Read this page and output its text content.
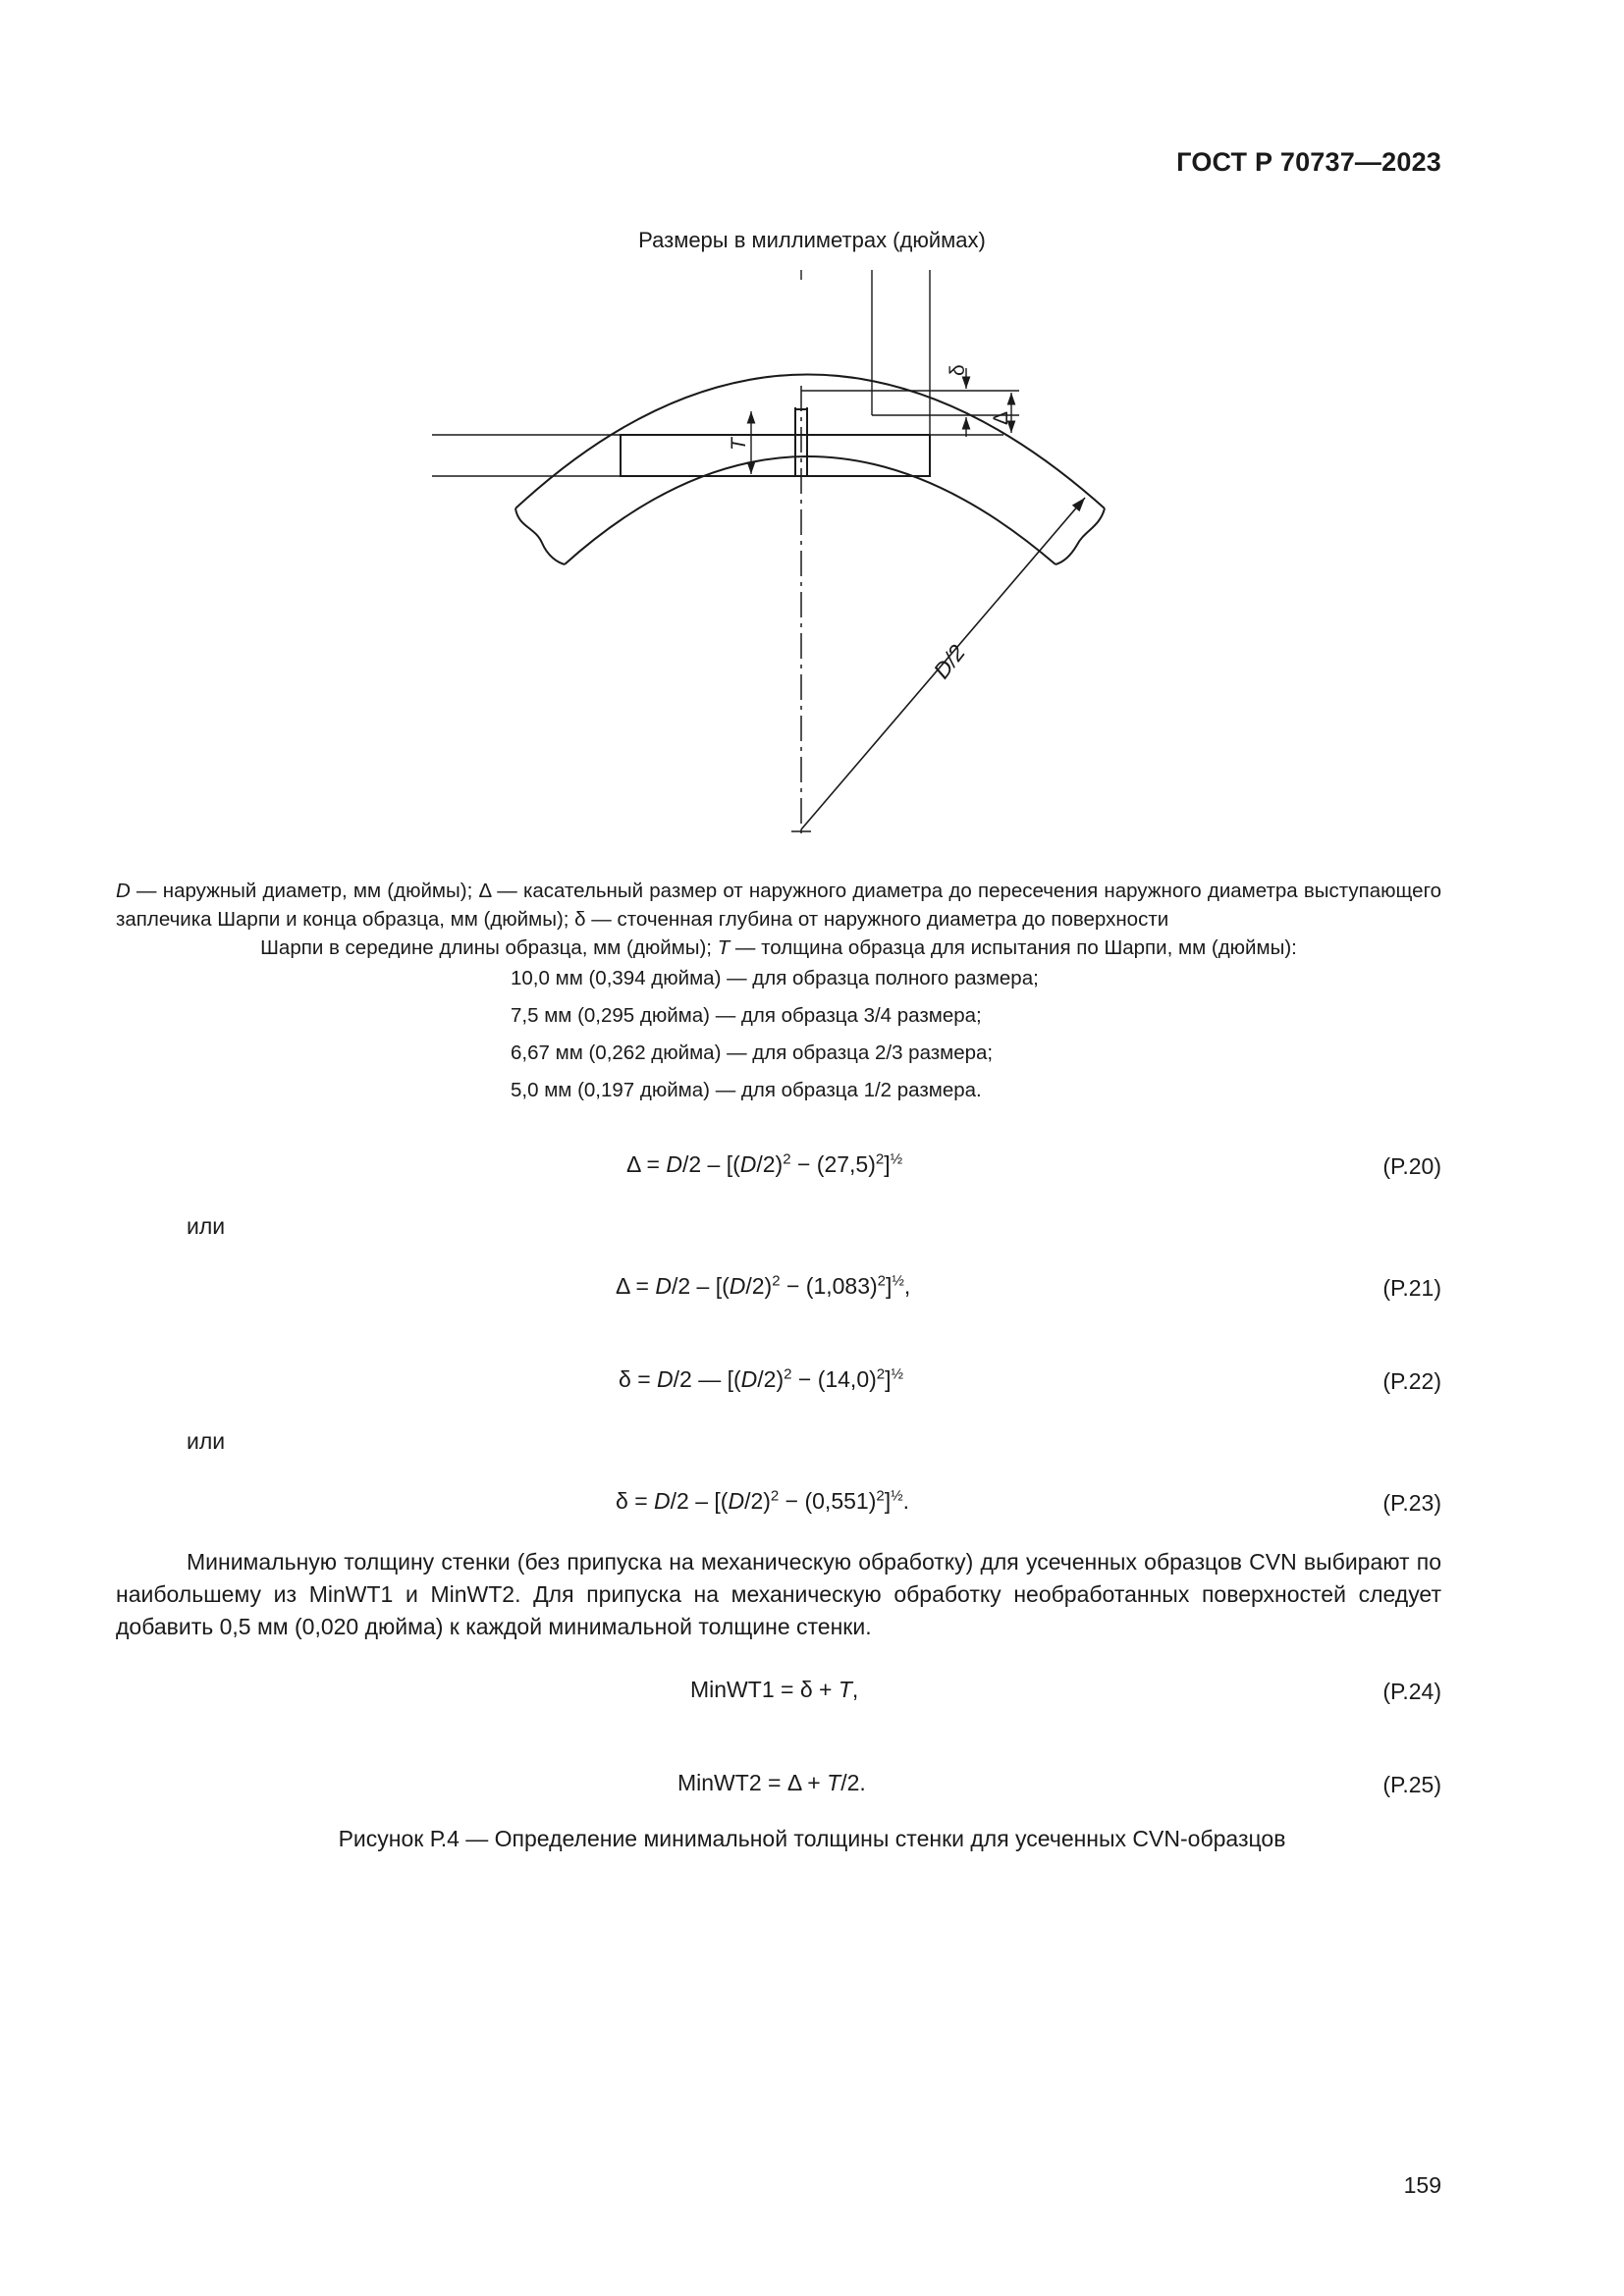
ГОСТ Р 70737—2023
Размеры в миллиметрах (дюймах)
T
δ
Δ
D/2
D — наружный диаметр, мм (дюймы); Δ — касательный размер от наружного диаметра до пересечения наружного диаметра выступающего заплечика Шарпи и конца образца, мм (дюймы); δ — сточенная глубина от наружного диаметра до поверхности
Шарпи в середине длины образца, мм (дюймы); T — толщина образца для испытания по Шарпи, мм (дюймы):
10,0 мм (0,394 дюйма) — для образца полного размера;
7,5 мм (0,295 дюйма) — для образца 3/4 размера;
6,67 мм (0,262 дюйма) — для образца 2/3 размера;
5,0 мм (0,197 дюйма) — для образца 1/2 размера.
$\Delta = D/2 - [(D/2)^2 - (27,5)^2]^{\frac{1}{2}}$	(P.20)
или
$\Delta = D/2 - [(D/2)^2 - (1,083)^2]^{\frac{1}{2}}$,	(P.21)
δ = D/2 — $[(D/2)^2 - (14,0)^2]^{\frac{1}{2}}$	(P.22)
или
$\delta = D/2 - [(D/2)^2 - (0,551)^2]^{\frac{1}{2}}$.	(P.23)
Минимальную толщину стенки (без припуска на механическую обработку) для усеченных образцов CVN выбирают по наибольшему из MinWT1 и MinWT2. Для припуска на механическую обработку необработанных поверхностей следует добавить 0,5 мм (0,020 дюйма) к каждой минимальной толщине стенки.
MinWT1 = δ + T,	(P.24)
MinWT2 = Δ + T/2.	(P.25)
Рисунок Р.4 — Определение минимальной толщины стенки для усеченных CVN-образцов
159
